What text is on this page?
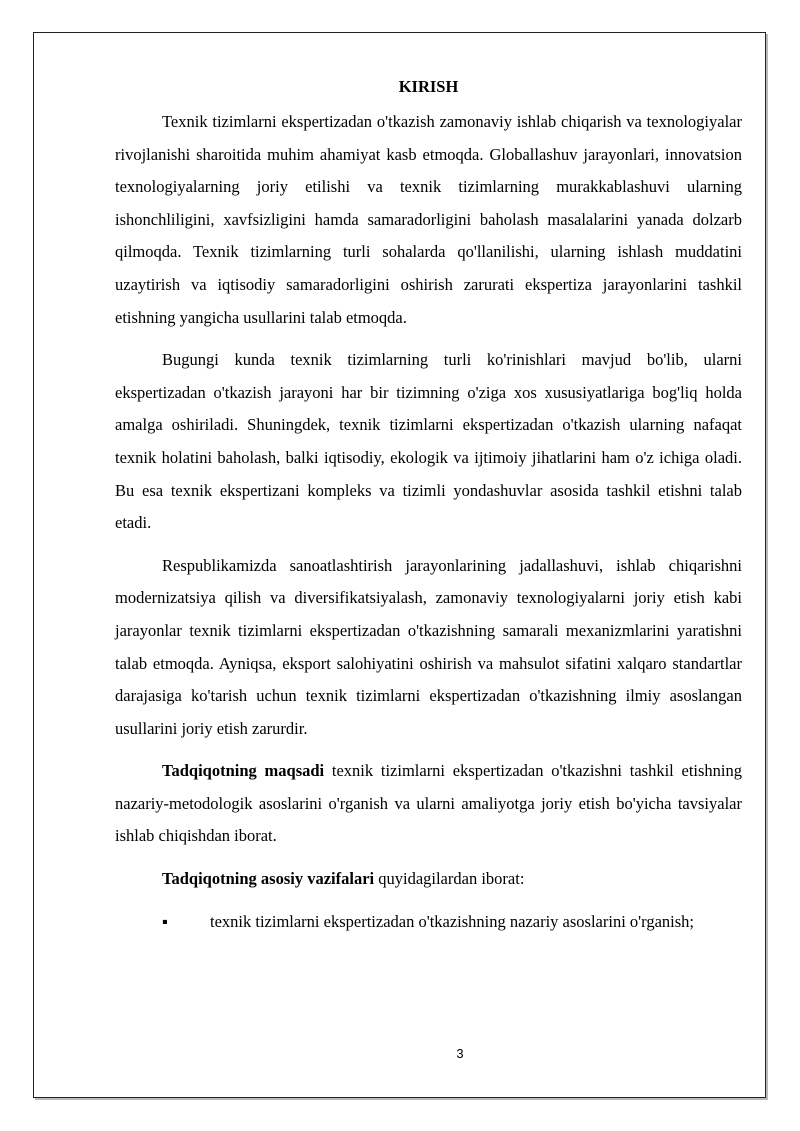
KIRISH

Texnik tizimlarni ekspertizadan o'tkazish zamonaviy ishlab chiqarish va texnologiyalar rivojlanishi sharoitida muhim ahamiyat kasb etmoqda. Globallashuv jarayonlari, innovatsion texnologiyalarning joriy etilishi va texnik tizimlarning murakkablashuvi ularning ishonchliligini, xavfsizligini hamda samaradorligini baholash masalalarini yanada dolzarb qilmoqda. Texnik tizimlarning turli sohalarda qo'llanilishi, ularning ishlash muddatini uzaytirish va iqtisodiy samaradorligini oshirish zarurati ekspertiza jarayonlarini tashkil etishning yangicha usullarini talab etmoqda.

Bugungi kunda texnik tizimlarning turli ko'rinishlari mavjud bo'lib, ularni ekspertizadan o'tkazish jarayoni har bir tizimning o'ziga xos xususiyatlariga bog'liq holda amalga oshiriladi. Shuningdek, texnik tizimlarni ekspertizadan o'tkazish ularning nafaqat texnik holatini baholash, balki iqtisodiy, ekologik va ijtimoiy jihatlarini ham o'z ichiga oladi. Bu esa texnik ekspertizani kompleks va tizimli yondashuvlar asosida tashkil etishni talab etadi.

Respublikamizda sanoatlashtirish jarayonlarining jadallashuvi, ishlab chiqarishni modernizatsiya qilish va diversifikatsiyalash, zamonaviy texnologiyalarni joriy etish kabi jarayonlar texnik tizimlarni ekspertizadan o'tkazishning samarali mexanizmlarini yaratishni talab etmoqda. Ayniqsa, eksport salohiyatini oshirish va mahsulot sifatini xalqaro standartlar darajasiga ko'tarish uchun texnik tizimlarni ekspertizadan o'tkazishning ilmiy asoslangan usullarini joriy etish zarurdir.

Tadqiqotning maqsadi texnik tizimlarni ekspertizadan o'tkazishni tashkil etishning nazariy-metodologik asoslarini o'rganish va ularni amaliyotga joriy etish bo'yicha tavsiyalar ishlab chiqishdan iborat.

Tadqiqotning asosiy vazifalari quyidagilardan iborat:

▪	texnik tizimlarni ekspertizadan o'tkazishning nazariy asoslarini o'rganish;

3
